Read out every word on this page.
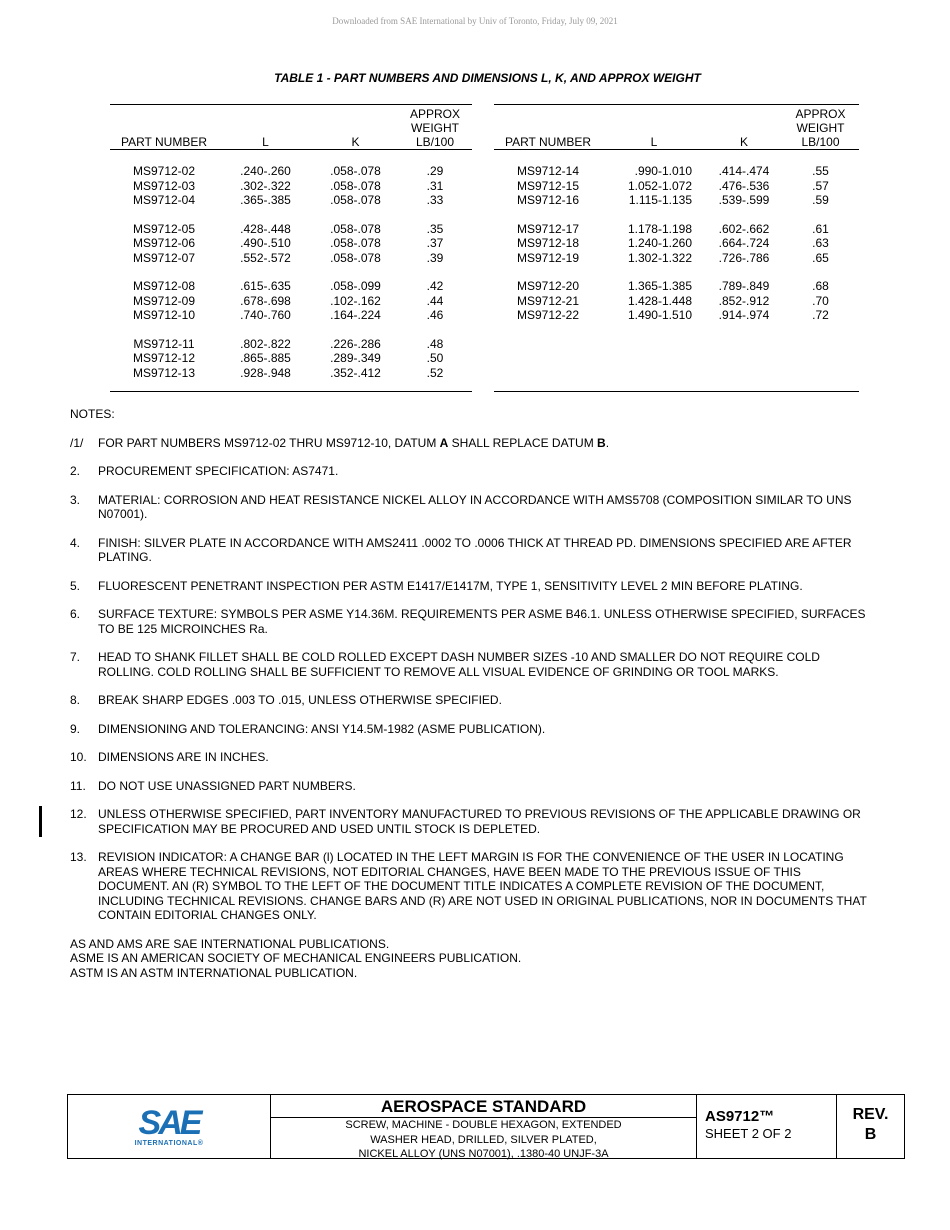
Downloaded from SAE International by Univ of Toronto, Friday, July 09, 2021
TABLE 1 - PART NUMBERS AND DIMENSIONS L, K, AND APPROX WEIGHT
PART NUMBER	L	K	APPROX
WEIGHT
LB/100

MS9712-02	.240-.260	.058-.078	.29
MS9712-03	.302-.322	.058-.078	.31
MS9712-04	.365-.385	.058-.078	.33
MS9712-05	.428-.448	.058-.078	.35
MS9712-06	.490-.510	.058-.078	.37
MS9712-07	.552-.572	.058-.078	.39
MS9712-08	.615-.635	.058-.099	.42
MS9712-09	.678-.698	.102-.162	.44
MS9712-10	.740-.760	.164-.224	.46
MS9712-11	.802-.822	.226-.286	.48
MS9712-12	.865-.885	.289-.349	.50
MS9712-13	.928-.948	.352-.412	.52
PART NUMBER	L	K	APPROX
WEIGHT
LB/100

MS9712-14	.990-1.010	.414-.474	.55
MS9712-15	1.052-1.072	.476-.536	.57
MS9712-16	1.115-1.135	.539-.599	.59
MS9712-17	1.178-1.198	.602-.662	.61
MS9712-18	1.240-1.260	.664-.724	.63
MS9712-19	1.302-1.322	.726-.786	.65
MS9712-20	1.365-1.385	.789-.849	.68
MS9712-21	1.428-1.448	.852-.912	.70
MS9712-22	1.490-1.510	.914-.974	.72

NOTES:
/1/	FOR PART NUMBERS MS9712-02 THRU MS9712-10, DATUM A SHALL REPLACE DATUM B.
2.	PROCUREMENT SPECIFICATION: AS7471.
3.	MATERIAL: CORROSION AND HEAT RESISTANCE NICKEL ALLOY IN ACCORDANCE WITH AMS5708 (COMPOSITION SIMILAR TO UNS N07001).
4.	FINISH: SILVER PLATE IN ACCORDANCE WITH AMS2411 .0002 TO .0006 THICK AT THREAD PD. DIMENSIONS SPECIFIED ARE AFTER PLATING.
5.	FLUORESCENT PENETRANT INSPECTION PER ASTM E1417/E1417M, TYPE 1, SENSITIVITY LEVEL 2 MIN BEFORE PLATING.
6.	SURFACE TEXTURE: SYMBOLS PER ASME Y14.36M. REQUIREMENTS PER ASME B46.1. UNLESS OTHERWISE SPECIFIED, SURFACES TO BE 125 MICROINCHES Ra.
7.	HEAD TO SHANK FILLET SHALL BE COLD ROLLED EXCEPT DASH NUMBER SIZES -10 AND SMALLER DO NOT REQUIRE COLD ROLLING. COLD ROLLING SHALL BE SUFFICIENT TO REMOVE ALL VISUAL EVIDENCE OF GRINDING OR TOOL MARKS.
8.	BREAK SHARP EDGES .003 TO .015, UNLESS OTHERWISE SPECIFIED.
9.	DIMENSIONING AND TOLERANCING: ANSI Y14.5M-1982 (ASME PUBLICATION).
10. DIMENSIONS ARE IN INCHES.
11.	DO NOT USE UNASSIGNED PART NUMBERS.
12. UNLESS OTHERWISE SPECIFIED, PART INVENTORY MANUFACTURED TO PREVIOUS REVISIONS OF THE APPLICABLE DRAWING OR SPECIFICATION MAY BE PROCURED AND USED UNTIL STOCK IS DEPLETED.
13. REVISION INDICATOR: A CHANGE BAR (l) LOCATED IN THE LEFT MARGIN IS FOR THE CONVENIENCE OF THE USER IN LOCATING AREAS WHERE TECHNICAL REVISIONS, NOT EDITORIAL CHANGES, HAVE BEEN MADE TO THE PREVIOUS ISSUE OF THIS DOCUMENT. AN (R) SYMBOL TO THE LEFT OF THE DOCUMENT TITLE INDICATES A COMPLETE REVISION OF THE DOCUMENT, INCLUDING TECHNICAL REVISIONS. CHANGE BARS AND (R) ARE NOT USED IN ORIGINAL PUBLICATIONS, NOR IN DOCUMENTS THAT CONTAIN EDITORIAL CHANGES ONLY.
AS AND AMS ARE SAE INTERNATIONAL PUBLICATIONS.
ASME IS AN AMERICAN SOCIETY OF MECHANICAL ENGINEERS PUBLICATION.
ASTM IS AN ASTM INTERNATIONAL PUBLICATION.
SAE
INTERNATIONAL®
AEROSPACE STANDARD
SCREW, MACHINE - DOUBLE HEXAGON, EXTENDED
WASHER HEAD, DRILLED, SILVER PLATED,
NICKEL ALLOY (UNS N07001), .1380-40 UNJF-3A
AS9712™
SHEET 2 OF 2
REV.
B
